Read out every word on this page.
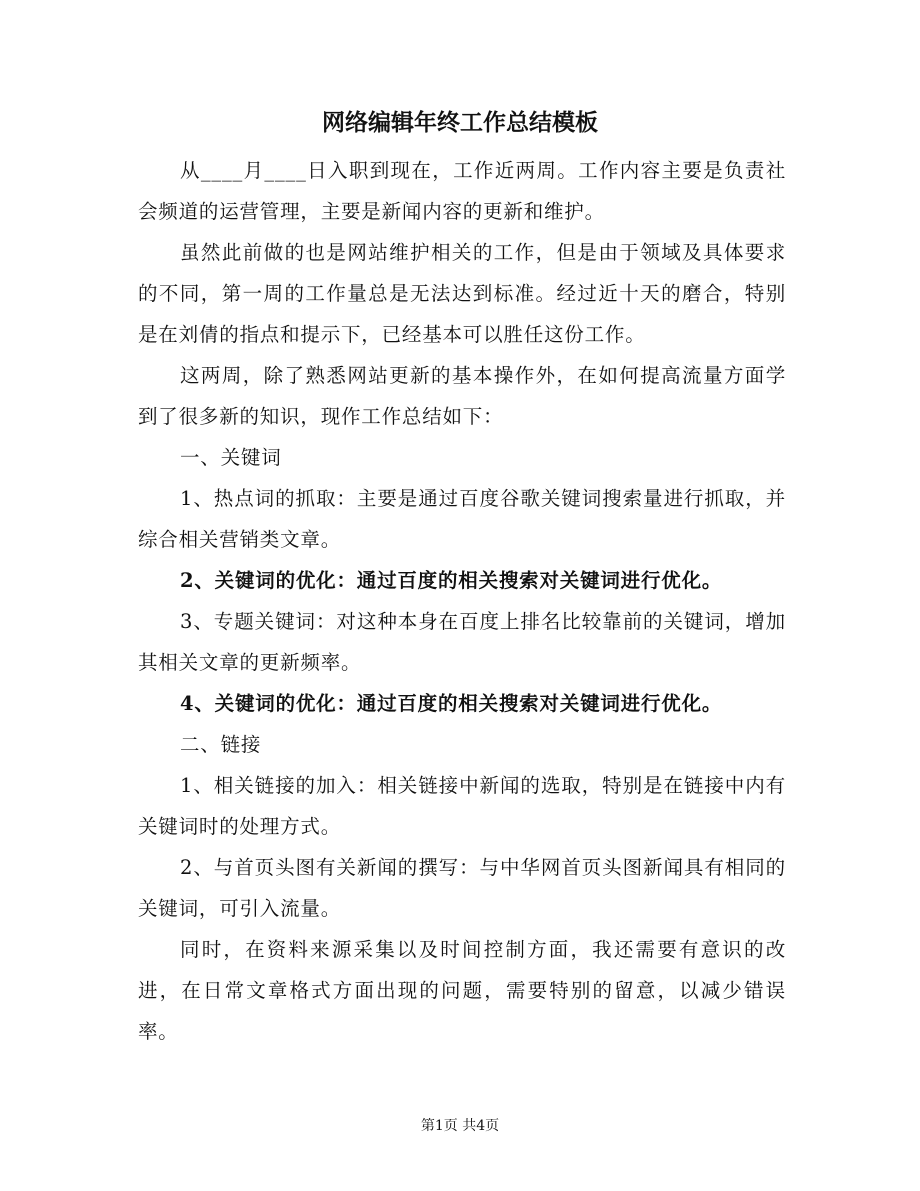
网络编辑年终工作总结模板

从____月____日入职到现在，工作近两周。工作内容主要是负责社会频道的运营管理，主要是新闻内容的更新和维护。

虽然此前做的也是网站维护相关的工作，但是由于领域及具体要求的不同，第一周的工作量总是无法达到标准。经过近十天的磨合，特别是在刘倩的指点和提示下，已经基本可以胜任这份工作。

这两周，除了熟悉网站更新的基本操作外，在如何提高流量方面学到了很多新的知识，现作工作总结如下：

一、关键词

1、热点词的抓取：主要是通过百度谷歌关键词搜索量进行抓取，并综合相关营销类文章。

2、关键词的优化：通过百度的相关搜索对关键词进行优化。

3、专题关键词：对这种本身在百度上排名比较靠前的关键词，增加其相关文章的更新频率。

4、关键词的优化：通过百度的相关搜索对关键词进行优化。

二、链接

1、相关链接的加入：相关链接中新闻的选取，特别是在链接中内有关键词时的处理方式。

2、与首页头图有关新闻的撰写：与中华网首页头图新闻具有相同的关键词，可引入流量。

同时，在资料来源采集以及时间控制方面，我还需要有意识的改进，在日常文章格式方面出现的问题，需要特别的留意，以减少错误率。

第1页 共4页
